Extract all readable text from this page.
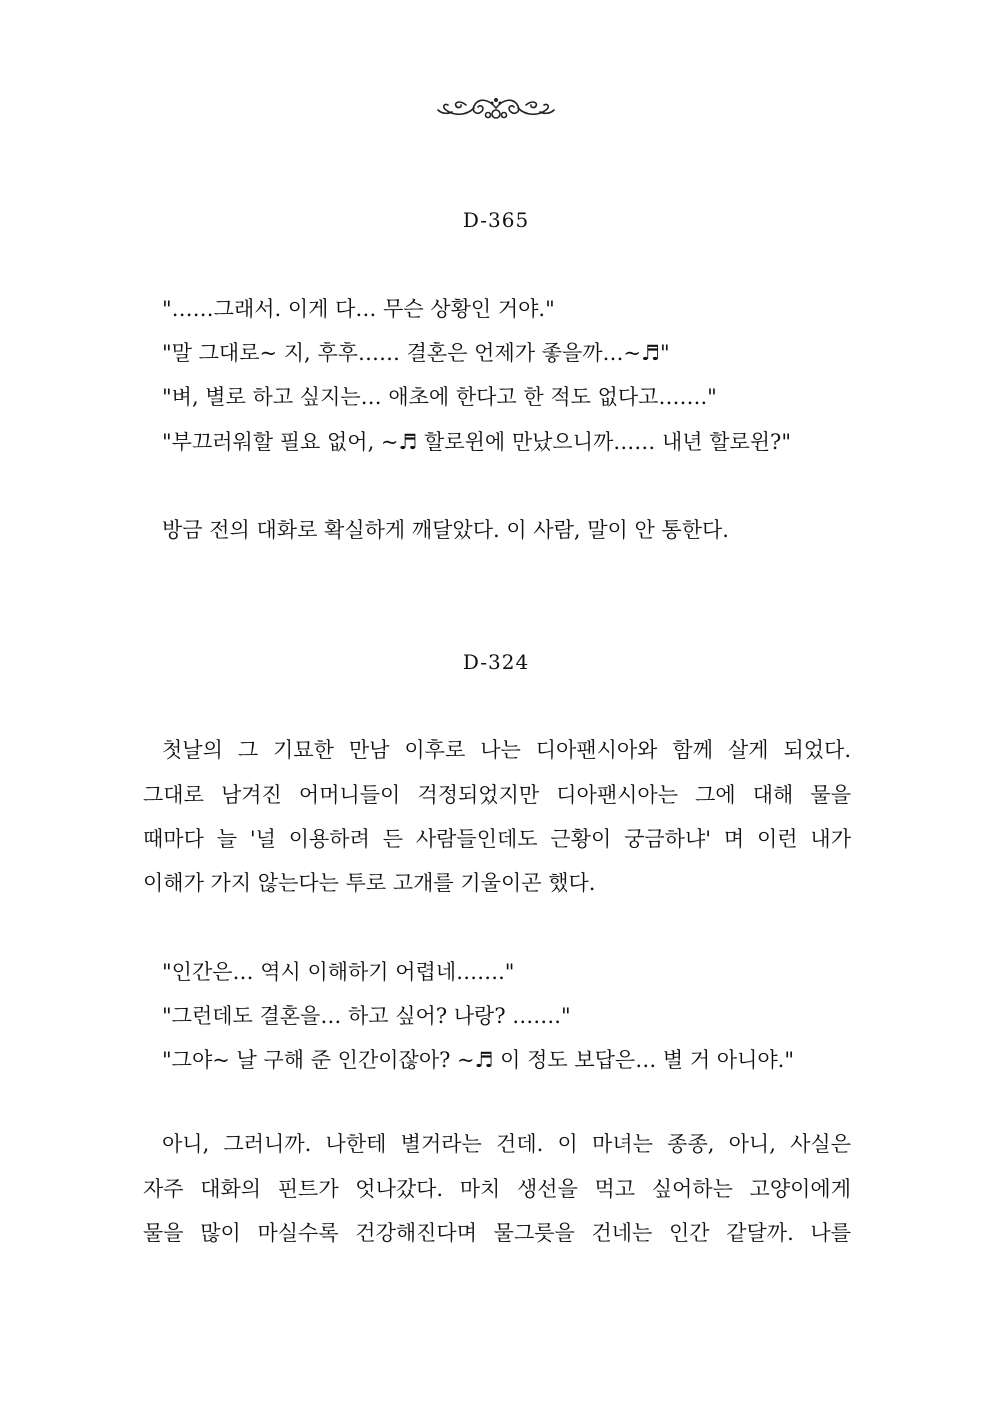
D-365
"……그래서. 이게 다… 무슨 상황인 거야."
"말 그대로~ 지, 후후…… 결혼은 언제가 좋을까…~♬"
"벼, 별로 하고 싶지는… 애초에 한다고 한 적도 없다고……."
"부끄러워할 필요 없어, ~♬ 할로윈에 만났으니까…… 내년 할로윈?"
방금 전의 대화로 확실하게 깨달았다. 이 사람, 말이 안 통한다.
D-324
첫날의 그 기묘한 만남 이후로 나는 디아팬시아와 함께 살게 되었다.
그대로 남겨진 어머니들이 걱정되었지만 디아팬시아는 그에 대해 물을
때마다 늘 '널 이용하려 든 사람들인데도 근황이 궁금하냐' 며 이런 내가
이해가 가지 않는다는 투로 고개를 기울이곤 했다.
"인간은… 역시 이해하기 어렵네……."
"그런데도 결혼을… 하고 싶어? 나랑? ……."
"그야~ 날 구해 준 인간이잖아? ~♬ 이 정도 보답은… 별 거 아니야."
아니, 그러니까. 나한테 별거라는 건데. 이 마녀는 종종, 아니, 사실은
자주 대화의 핀트가 엇나갔다. 마치 생선을 먹고 싶어하는 고양이에게
물을 많이 마실수록 건강해진다며 물그릇을 건네는 인간 같달까. 나를
